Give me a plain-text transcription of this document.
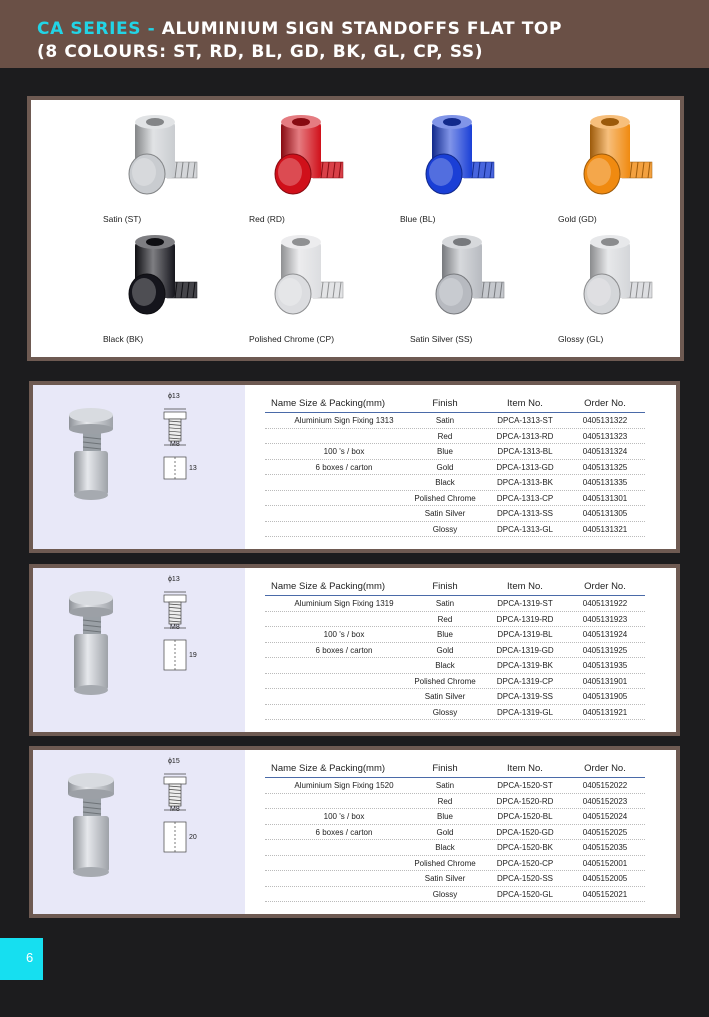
CA SERIES - ALUMINIUM SIGN STANDOFFS FLAT TOP
(8 COLOURS: ST, RD, BL, GD, BK, GL, CP, SS)
Satin (ST)	Red (RD)	Blue (BL)	Gold (GD)
Black (BK)	Polished Chrome (CP)	Satin Silver (SS)	Glossy (GL)
ϕ13
M8
13
Name Size & Packing(mm)	Finish	Item No.	Order No.
Aluminium Sign Fixing 1313	Satin	DPCA-1313-ST	0405131322
Red	DPCA-1313-RD	0405131323
100 's / box	Blue	DPCA-1313-BL	0405131324
6 boxes / carton	Gold	DPCA-1313-GD	0405131325
Black	DPCA-1313-BK	0405131335
Polished Chrome	DPCA-1313-CP	0405131301
Satin Silver	DPCA-1313-SS	0405131305
Glossy	DPCA-1313-GL	0405131321
ϕ13
M8
19
Name Size & Packing(mm)	Finish	Item No.	Order No.
Aluminium Sign Fixing 1319	Satin	DPCA-1319-ST	0405131922
Red	DPCA-1319-RD	0405131923
100 's / box	Blue	DPCA-1319-BL	0405131924
6 boxes / carton	Gold	DPCA-1319-GD	0405131925
Black	DPCA-1319-BK	0405131935
Polished Chrome	DPCA-1319-CP	0405131901
Satin Silver	DPCA-1319-SS	0405131905
Glossy	DPCA-1319-GL	0405131921
ϕ15
M8
20
Name Size & Packing(mm)	Finish	Item No.	Order No.
Aluminium Sign Fixing 1520	Satin	DPCA-1520-ST	0405152022
Red	DPCA-1520-RD	0405152023
100 's / box	Blue	DPCA-1520-BL	0405152024
6 boxes / carton	Gold	DPCA-1520-GD	0405152025
Black	DPCA-1520-BK	0405152035
Polished Chrome	DPCA-1520-CP	0405152001
Satin Silver	DPCA-1520-SS	0405152005
Glossy	DPCA-1520-GL	0405152021
6
